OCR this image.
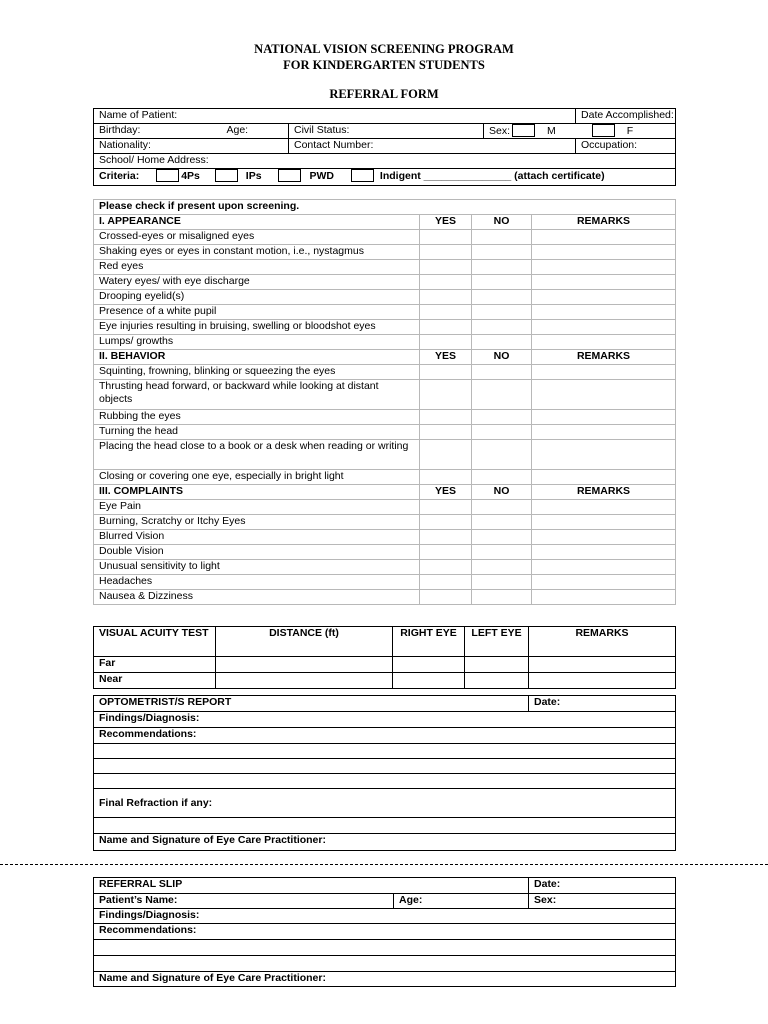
NATIONAL VISION SCREENING PROGRAM
FOR KINDERGARTEN STUDENTS
REFERRAL FORM
Name of Patient:			Date Accomplished:
Birthday: Age:	Civil Status:	Sex: M F	
Nationality:	Contact Number:		Occupation:
School/ Home Address:			
Criteria: 4Ps IPs PWD Indigent _______________ (attach certificate)			
Please check if present upon screening.			
I. APPEARANCE	YES	NO	REMARKS
Crossed-eyes or misaligned eyes			
Shaking eyes or eyes in constant motion, i.e., nystagmus			
Red eyes			
Watery eyes/ with eye discharge			
Drooping eyelid(s)			
Presence of a white pupil			
Eye injuries resulting in bruising, swelling or bloodshot eyes			
Lumps/ growths			
II. BEHAVIOR	YES	NO	REMARKS
Squinting, frowning, blinking or squeezing the eyes			
Thrusting head forward, or backward while looking at distant objects			
Rubbing the eyes			
Turning the head			
Placing the head close to a book or a desk when reading or writing			
Closing or covering one eye, especially in bright light			
III. COMPLAINTS	YES	NO	REMARKS
Eye Pain			
Burning, Scratchy or Itchy Eyes			
Blurred Vision			
Double Vision			
Unusual sensitivity to light			
Headaches			
Nausea & Dizziness			
VISUAL ACUITY TEST	DISTANCE (ft)	RIGHT EYE	LEFT EYE	REMARKS
Far				
Near				
OPTOMETRIST/S REPORT	Date:
Findings/Diagnosis:
Recommendations:

Final Refraction if any:

Name and Signature of Eye Care Practitioner:
REFERRAL SLIP		Date:
Patient’s Name:	Age:	Sex:
Findings/Diagnosis:		
Recommendations:		

Name and Signature of Eye Care Practitioner:		
